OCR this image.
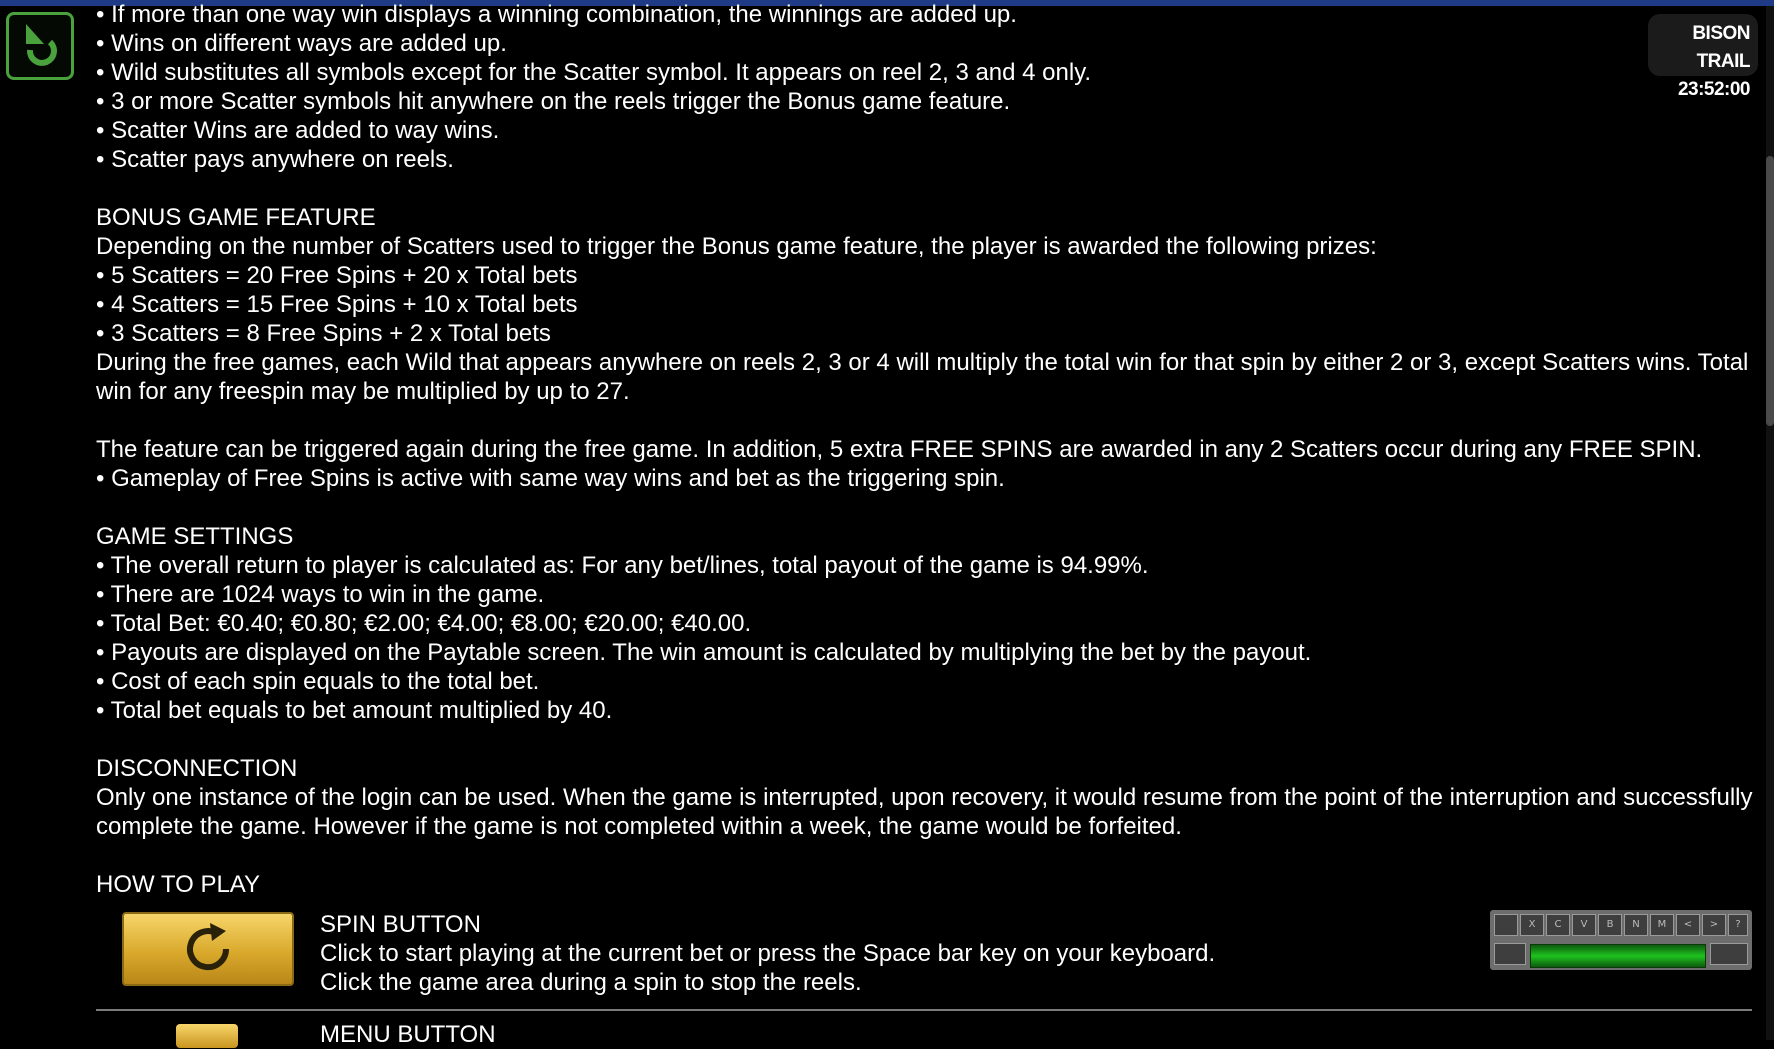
BISON TRAIL
23:52:00
• If more than one way win displays a winning combination, the winnings are added up.
• Wins on different ways are added up.
• Wild substitutes all symbols except for the Scatter symbol. It appears on reel 2, 3 and 4 only.
• 3 or more Scatter symbols hit anywhere on the reels trigger the Bonus game feature.
• Scatter Wins are added to way wins.
• Scatter pays anywhere on reels.
BONUS GAME FEATURE
Depending on the number of Scatters used to trigger the Bonus game feature, the player is awarded the following prizes:
• 5 Scatters = 20 Free Spins + 20 x Total bets
• 4 Scatters = 15 Free Spins + 10 x Total bets
• 3 Scatters = 8 Free Spins + 2 x Total bets
During the free games, each Wild that appears anywhere on reels 2, 3 or 4 will multiply the total win for that spin by either 2 or 3, except Scatters wins. Total win for any freespin may be multiplied by up to 27.
The feature can be triggered again during the free game. In addition, 5 extra FREE SPINS are awarded in any 2 Scatters occur during any FREE SPIN.
• Gameplay of Free Spins is active with same way wins and bet as the triggering spin.
GAME SETTINGS
• The overall return to player is calculated as: For any bet/lines, total payout of the game is 94.99%.
• There are 1024 ways to win in the game.
• Total Bet: €0.40; €0.80; €2.00; €4.00; €8.00; €20.00; €40.00.
• Payouts are displayed on the Paytable screen. The win amount is calculated by multiplying the bet by the payout.
• Cost of each spin equals to the total bet.
• Total bet equals to bet amount multiplied by 40.
DISCONNECTION
Only one instance of the login can be used. When the game is interrupted, upon recovery, it would resume from the point of the interruption and successfully complete the game. However if the game is not completed within a week, the game would be forfeited.
HOW TO PLAY
SPIN BUTTON
Click to start playing at the current bet or press the Space bar key on your keyboard.
Click the game area during a spin to stop the reels.
X	C	V	B	N	M	<	>	?
MENU BUTTON
